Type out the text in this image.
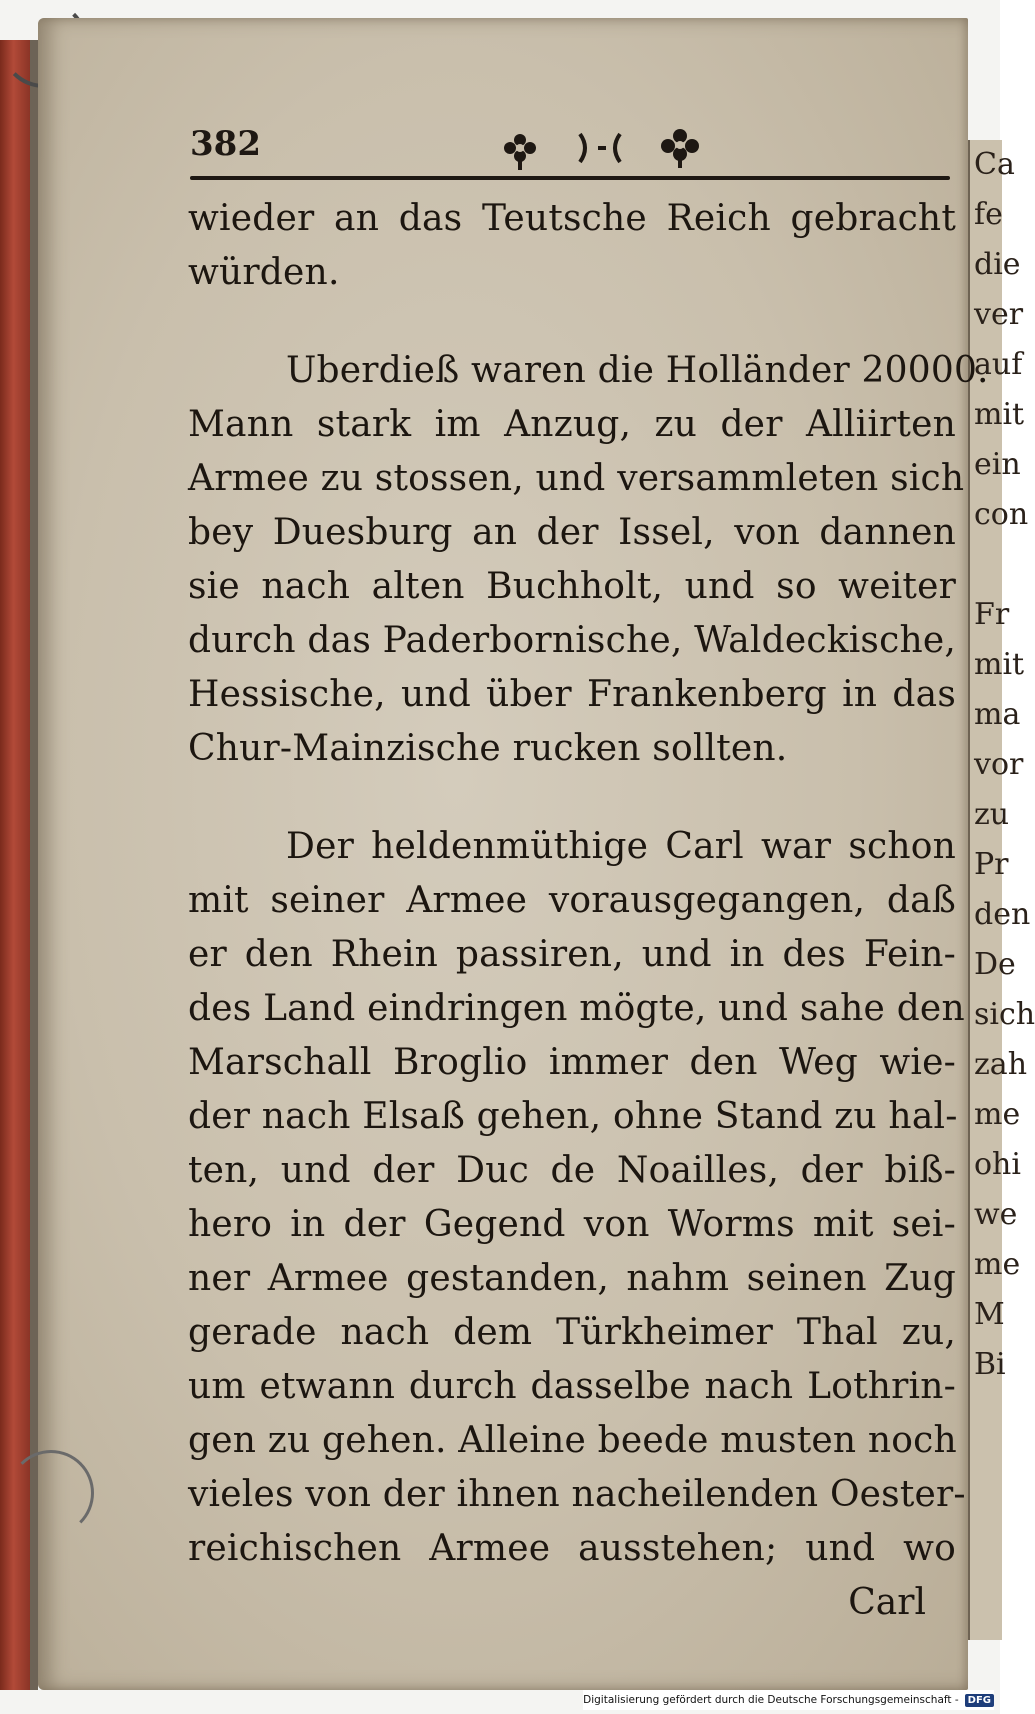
Ca
fe
die
ver
auf
mit
ein
con

Fr
mit
ma
vor
zu
Pr
den
De
sich
zah
me
ohi
we
me
M
Bi
382
wieder an das Teutsche Reich gebracht
würden.
Uberdieß waren die Holländer 20000.
Mann stark im Anzug, zu der Alliirten
Armee zu stossen, und versammleten sich
bey Duesburg an der Issel, von dannen
sie nach alten Buchholt, und so weiter
durch das Paderbornische, Waldeckische,
Hessische, und über Frankenberg in das
Chur-Mainzische rucken sollten.
Der heldenmüthige Carl war schon
mit seiner Armee vorausgegangen, daß
er den Rhein passiren, und in des Fein-
des Land eindringen mögte, und sahe den
Marschall Broglio immer den Weg wie-
der nach Elsaß gehen, ohne Stand zu hal-
ten, und der Duc de Noailles, der biß-
hero in der Gegend von Worms mit sei-
ner Armee gestanden, nahm seinen Zug
gerade nach dem Türkheimer Thal zu,
um etwann durch dasselbe nach Lothrin-
gen zu gehen. Alleine beede musten noch
vieles von der ihnen nacheilenden Oester-
reichischen Armee ausstehen; und wo
Carl
Digitalisierung gefördert durch die Deutsche Forschungsgemeinschaft - DFG
